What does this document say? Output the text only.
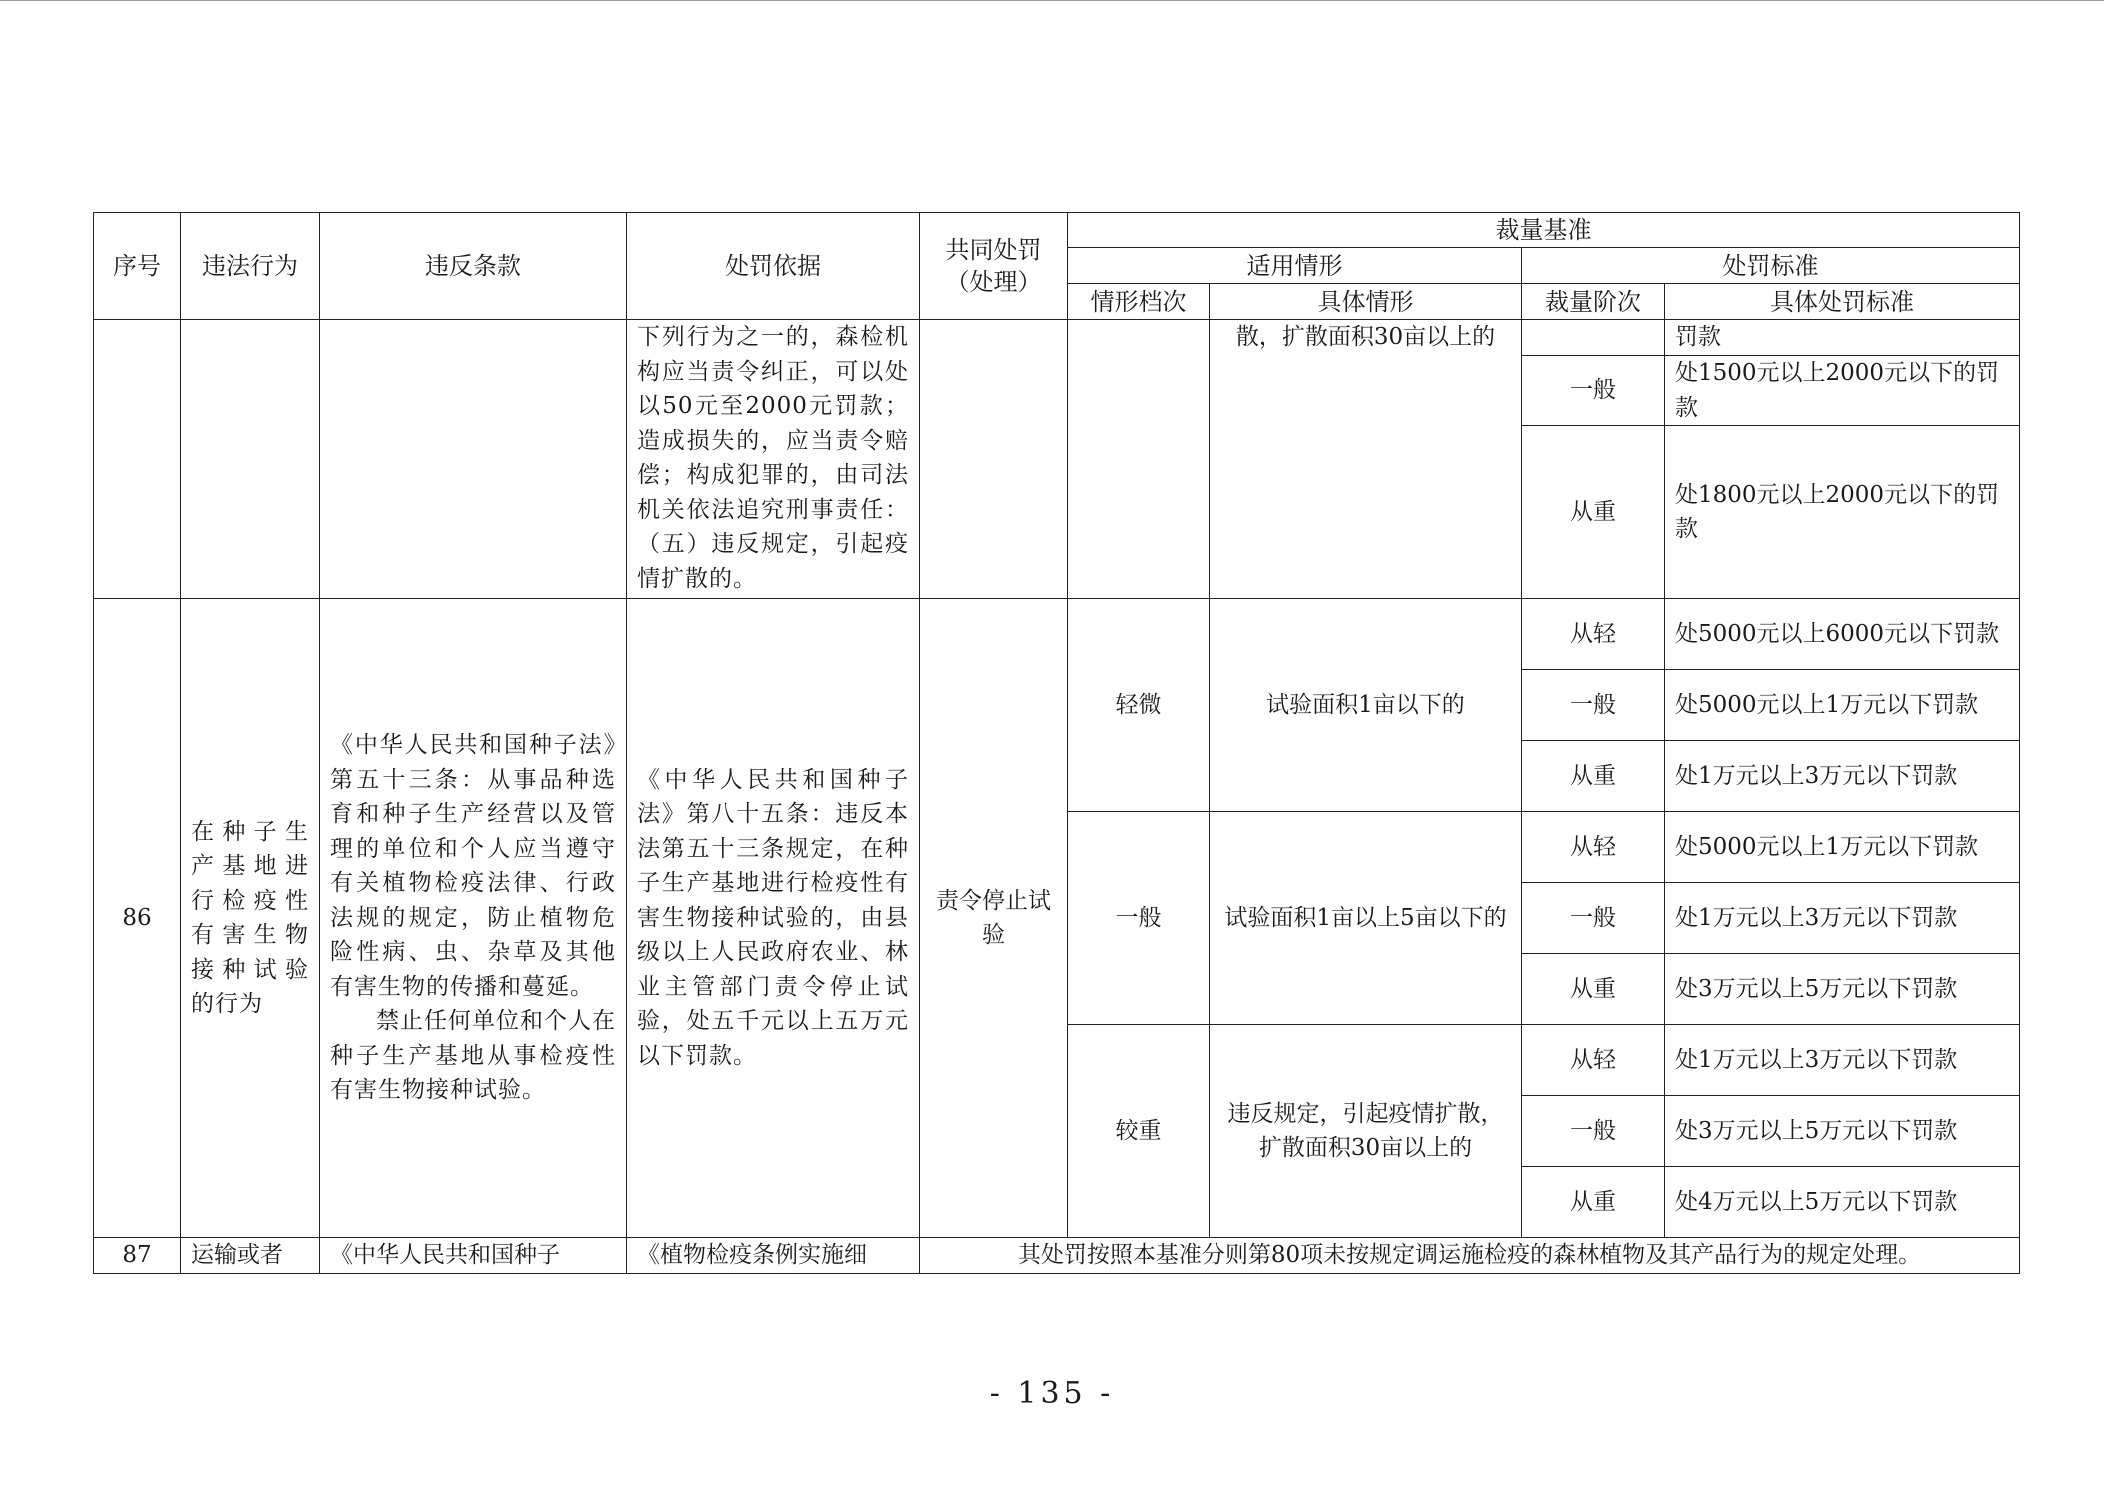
序号	违法行为	违反条款	处罚依据	共同处罚（处理）	裁量基准			
					适用情形		处罚标准	
					情形档次	具体情形	裁量阶次	具体处罚标准
			下列行为之一的，森检机构应当责令纠正，可以处以50元至2000元罚款；造成损失的，应当责令赔偿；构成犯罪的，由司法机关依法追究刑事责任：（五）违反规定，引起疫情扩散的。			散，扩散面积30亩以上的		罚款
							一般	处1500元以上2000元以下的罚款
							从重	处1800元以上2000元以下的罚款
86	在种子生产基地进行检疫性有害生物接种试验的行为	《中华人民共和国种子法》第五十三条：从事品种选育和种子生产经营以及管理的单位和个人应当遵守有关植物检疫法律、行政法规的规定，防止植物危险性病、虫、杂草及其他有害生物的传播和蔓延。
禁止任何单位和个人在种子生产基地从事检疫性有害生物接种试验。	《中华人民共和国种子法》第八十五条：违反本法第五十三条规定，在种子生产基地进行检疫性有害生物接种试验的，由县级以上人民政府农业、林业主管部门责令停止试验，处五千元以上五万元以下罚款。	责令停止试验	轻微	试验面积1亩以下的	从轻	处5000元以上6000元以下罚款
							一般	处5000元以上1万元以下罚款
							从重	处1万元以上3万元以下罚款
					一般	试验面积1亩以上5亩以下的	从轻	处5000元以上1万元以下罚款
							一般	处1万元以上3万元以下罚款
							从重	处3万元以上5万元以下罚款
					较重	违反规定，引起疫情扩散，扩散面积30亩以上的	从轻	处1万元以上3万元以下罚款
							一般	处3万元以上5万元以下罚款
							从重	处4万元以上5万元以下罚款
87	运输或者	《中华人民共和国种子	《植物检疫条例实施细	其处罚按照本基准分则第80项未按规定调运施检疫的森林植物及其产品行为的规定处理。				
- 135 -
